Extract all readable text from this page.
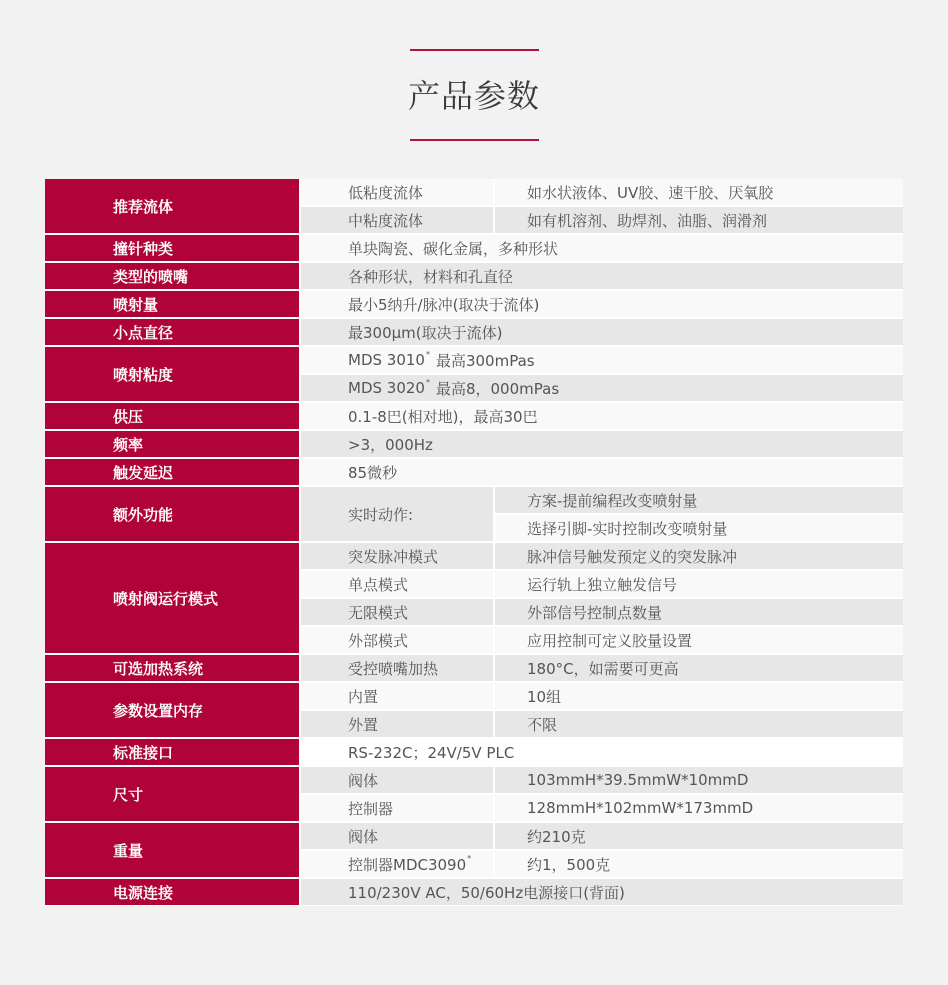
产品参数
推荐流体
低粘度流体	如水状液体、UV胶、速干胶、厌氧胶
中粘度流体	如有机溶剂、助焊剂、油脂、润滑剂
撞针种类	单块陶瓷、碳化金属，多种形状
类型的喷嘴	各种形状，材料和孔直径
喷射量	最小5纳升/脉冲(取决于流体)
小点直径	最300μm(取决于流体)
喷射粘度
MDS 3010* 最高300mPas
MDS 3020* 最高8，000mPas
供压	0.1-8巴(相对地)，最高30巴
频率	>3，000Hz
触发延迟	85微秒
额外功能	实时动作:
方案-提前编程改变喷射量
选择引脚-实时控制改变喷射量
喷射阀运行模式
突发脉冲模式	脉冲信号触发预定义的突发脉冲
单点模式	运行轨上独立触发信号
无限模式	外部信号控制点数量
外部模式	应用控制可定义胶量设置
可选加热系统	受控喷嘴加热	180°C，如需要可更高
参数设置内存
内置	10组
外置	不限
标准接口	RS-232C；24V/5V PLC
尺寸
阀体	103mmH*39.5mmW*10mmD
控制器	128mmH*102mmW*173mmD
重量
阀体	约210克
控制器MDC3090*	约1，500克
电源连接	110/230V AC，50/60Hz电源接口(背面)
